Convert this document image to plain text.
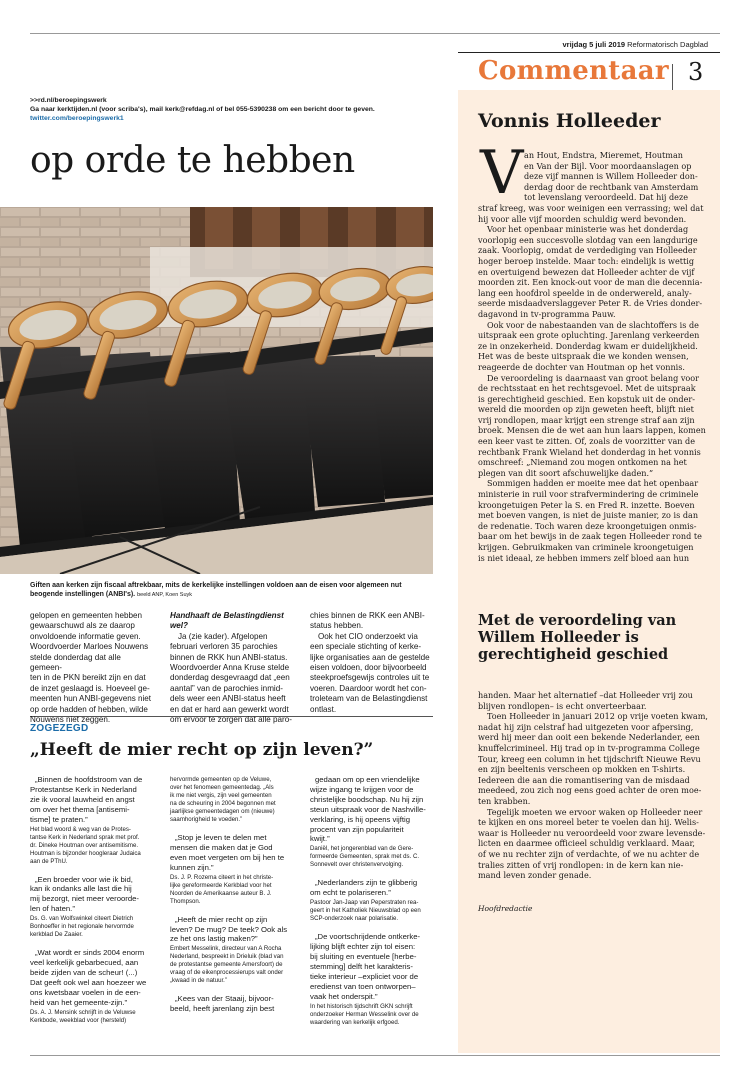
vrijdag 5 juli 2019 Reformatorisch Dagblad
Commentaar 3
>>rd.nl/beroepingswerk
Ga naar kerktijden.nl (voor scriba's), mail kerk@refdag.nl of bel 055-5390238 om een bericht door te geven.
twitter.com/beroepingswerk1
op orde te hebben
Giften aan kerken zijn fiscaal aftrekbaar, mits de kerkelijke instellingen voldoen aan de eisen voor algemeen nut beogende instellingen (ANBI's). beeld ANP, Koen Suyk
gelopen en gemeenten hebben
gewaarschuwd als ze daarop
onvoldoende informatie geven.
Woordvoerder Marloes Nouwens
stelde donderdag dat alle gemeen-
ten in de PKN bereikt zijn en dat
de inzet geslaagd is. Hoeveel ge-
meenten hun ANBI-gegevens niet
op orde hadden of hebben, wilde
Nouwens niet zeggen.

Handhaaft de Belastingdienst wel?

Ja (zie kader). Afgelopen
februari verloren 35 parochies
binnen de RKK hun ANBI-status.
Woordvoerder Anna Kruse stelde
donderdag desgevraagd dat „een
aantal” van de parochies inmid-
dels weer een ANBI-status heeft
en dat er hard aan gewerkt wordt
om ervoor te zorgen dat alle paro-
chies binnen de RKK een ANBI-
status hebben.
Ook het CIO onderzoekt via
een speciale stichting of kerke-
lijke organisaties aan de gestelde
eisen voldoen, door bijvoorbeeld
steekproefsgewijs controles uit te
voeren. Daardoor wordt het con-
troleteam van de Belastingdienst
ontlast.
ZOGEZEGD
„Heeft de mier recht op zijn leven?”
„Binnen de hoofdstroom van de
Protestantse Kerk in Nederland
zie ik vooral lauwheid en angst
om over het thema [antisemi-
tisme] te praten.”
Het blad woord & weg van de Protes-
tantse Kerk in Nederland sprak met prof.
dr. Dineke Houtman over antisemitisme.
Houtman is bijzonder hoogleraar Judaica
aan de PThU.
„Een broeder voor wie ik bid,
kan ik ondanks alle last die hij
mij bezorgt, niet meer veroorde-
len of haten.”
Ds. G. van Wolfswinkel citeert Dietrich
Bonhoeffer in het regionale hervormde
kerkblad De Zaaier.
„Wat wordt er sinds 2004 enorm
veel kerkelijk gebarbecued, aan
beide zijden van de scheur! (...)
Dat geeft ook wel aan hoezeer we
ons kwetsbaar voelen in de een-
heid van het gemeente-zijn.”
Ds. A. J. Mensink schrijft in de Veluwse
Kerkbode, weekblad voor (hersteld)
hervormde gemeenten op de Veluwe,
over het fenomeen gemeentedag. „Als
ik me niet vergis, zijn veel gemeenten
na de scheuring in 2004 begonnen met
jaarlijkse gemeentedagen om (nieuwe)
saamhorigheid te voeden.”
„Stop je leven te delen met
mensen die maken dat je God
even moet vergeten om bij hen te
kunnen zijn.”
Ds. J. P. Rozema citeert in het christe-
lijke gereformeerde Kerkblad voor het
Noorden de Amerikaanse auteur B. J.
Thompson.
„Heeft de mier recht op zijn
leven? De mug? De teek? Ook als
ze het ons lastig maken?”
Embert Messelink, directeur van A Rocha
Nederland, bespreekt in Drieluik (blad van
de protestantse gemeente Amersfoort) de
vraag of de eikenprocessierups valt onder
„kwaad in de natuur.”
„Kees van der Staaij, bijvoor-
beeld, heeft jarenlang zijn best
gedaan om op een vriendelijke
wijze ingang te krijgen voor de
christelijke boodschap. Nu hij zijn
steun uitspraak voor de Nashville-
verklaring, is hij opeens vijftig
procent van zijn populariteit
kwijt.”
Daniël, het jongerenblad van de Gere-
formeerde Gemeenten, sprak met ds. C.
Sonnevelt over christenvervolging.
„Nederlanders zijn te glibberig
om echt te polariseren.”
Pastoor Jan-Jaap van Peperstraten rea-
geert in het Katholiek Nieuwsblad op een
SCP-onderzoek naar polarisatie.
„De voortschrijdende ontkerke-
lijking blijft echter zijn tol eisen:
bij sluiting en eventuele [herbe-
stemming] delft het karakteris-
tieke interieur –expliciet voor de
eredienst van toen ontworpen–
vaak het onderspit.”
In het historisch tijdschrift GKN schrijft
onderzoeker Herman Wesselink over de
waardering van kerkelijk erfgoed.
Vonnis Holleeder
V an Hout, Endstra, Mieremet, Houtman
en Van der Bijl. Voor moordaanslagen op
deze vijf mannen is Willem Holleeder don-
derdag door de rechtbank van Amsterdam
tot levenslang veroordeeld. Dat hij deze

straf kreeg, was voor weinigen een verrassing; wel dat
hij voor alle vijf moorden schuldig werd bevonden.

Voor het openbaar ministerie was het donderdag
voorlopig een succesvolle slotdag van een langdurige
zaak. Voorlopig, omdat de verdediging van Holleeder
hoger beroep instelde. Maar toch: eindelijk is wettig
en overtuigend bewezen dat Holleeder achter de vijf
moorden zit. Een knock-out voor de man die decennia-
lang een hoofdrol speelde in de onderwereld, analy-
seerde misdaadverslaggever Peter R. de Vries donder-
dagavond in tv-programma Pauw.

Ook voor de nabestaanden van de slachtoffers is de
uitspraak een grote opluchting. Jarenlang verkeerden
ze in onzekerheid. Donderdag kwam er duidelijkheid.
Het was de beste uitspraak die we konden wensen,
reageerde de dochter van Houtman op het vonnis.

De veroordeling is daarnaast van groot belang voor
de rechtsstaat en het rechtsgevoel. Met de uitspraak
is gerechtigheid geschied. Een kopstuk uit de onder-
wereld die moorden op zijn geweten heeft, blijft niet
vrij rondlopen, maar krijgt een strenge straf aan zijn
broek. Mensen die de wet aan hun laars lappen, komen
een keer vast te zitten. Of, zoals de voorzitter van de
rechtbank Frank Wieland het donderdag in het vonnis
omschreef: „Niemand zou mogen ontkomen na het
plegen van dit soort afschuwelijke daden.”

Sommigen hadden er moeite mee dat het openbaar
ministerie in ruil voor strafvermindering de criminele
kroongetuigen Peter la S. en Fred R. inzette. Boeven
met boeven vangen, is niet de juiste manier, zo is dan
de redenatie. Toch waren deze kroongetuigen onmis-
baar om het bewijs in de zaak tegen Holleeder rond te
krijgen. Gebruikmaken van criminele kroongetuigen
is niet ideaal, ze hebben immers zelf bloed aan hun

Met de veroordeling van Willem Holleeder is gerechtigheid geschied

handen. Maar het alternatief –dat Holleeder vrij zou
blijven rondlopen– is echt onverteerbaar.

Toen Holleeder in januari 2012 op vrije voeten kwam,
nadat hij zijn celstraf had uitgezeten voor afpersing,
werd hij meer dan ooit een bekende Nederlander, een
knuffelcrimineel. Hij trad op in tv-programma College
Tour, kreeg een column in het tijdschrift Nieuwe Revu
en zijn beeltenis verscheen op mokken en T-shirts.
Iedereen die aan die romantisering van de misdaad
meedeed, zou zich nog eens goed achter de oren moe-
ten krabben.

Tegelijk moeten we ervoor waken op Holleeder neer
te kijken en ons moreel beter te voelen dan hij. Welis-
waar is Holleeder nu veroordeeld voor zware levensde-
licten en daarmee officieel schuldig verklaard. Maar,
of we nu rechter zijn of verdachte, of we nu achter de
tralies zitten of vrij rondlopen: in de kern kan nie-
mand leven zonder genade.

Hoofdredactie
